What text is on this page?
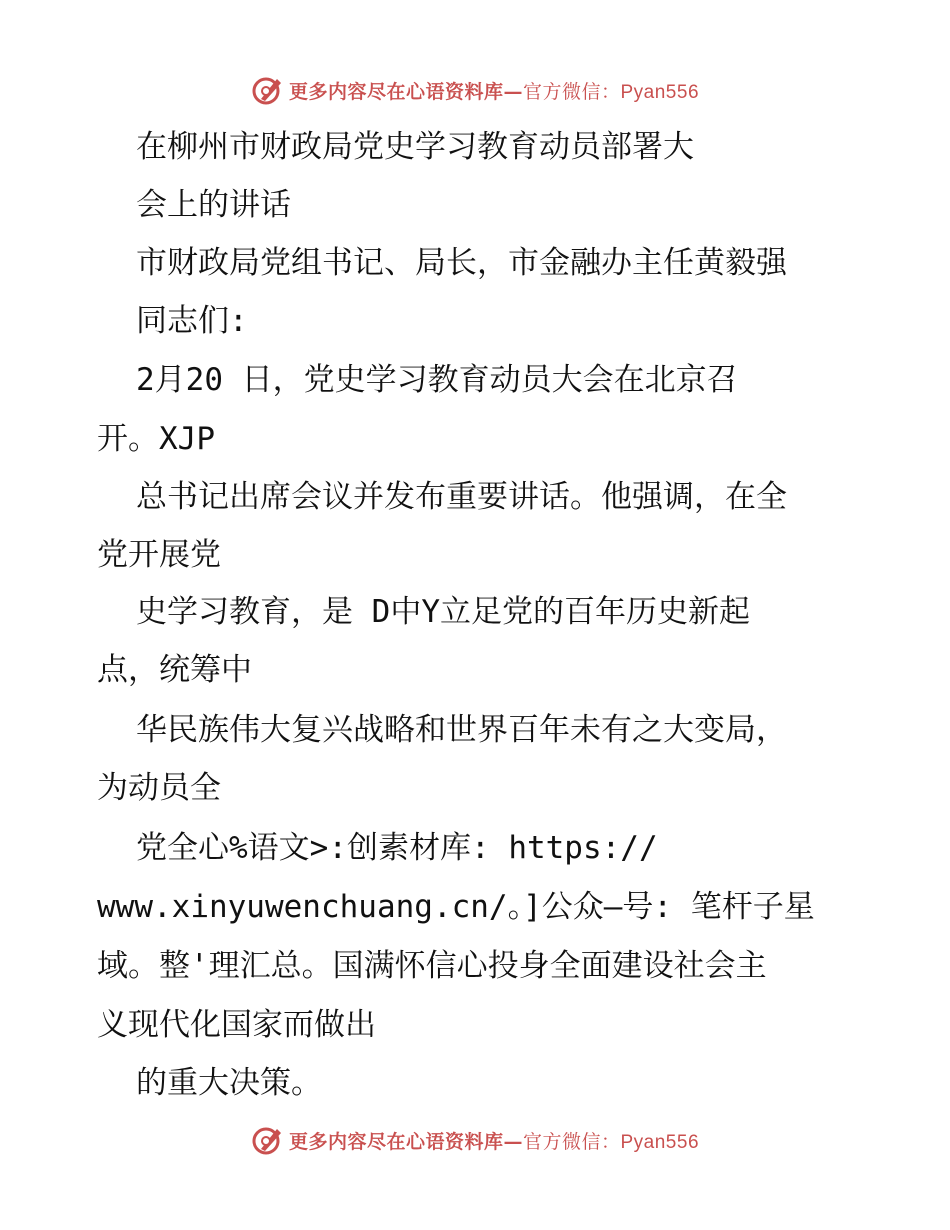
更多内容尽在心语资料库—官方微信：Pyan556
在柳州市财政局党史学习教育动员部署大
会上的讲话
市财政局党组书记、局长，市金融办主任黄毅强
同志们:
2月20 日，党史学习教育动员大会在北京召
开。XJP
总书记出席会议并发布重要讲话。他强调，在全
党开展党
史学习教育，是 D中Y立足党的百年历史新起
点，统筹中
华民族伟大复兴战略和世界百年未有之大变局，
为动员全
党全心%语文>:创素材库: https://
www.xinyuwenchuang.cn/。]公众—号: 笔杆子星
域。整'理汇总。国满怀信心投身全面建设社会主
义现代化国家而做出
的重大决策。
更多内容尽在心语资料库—官方微信：Pyan556
